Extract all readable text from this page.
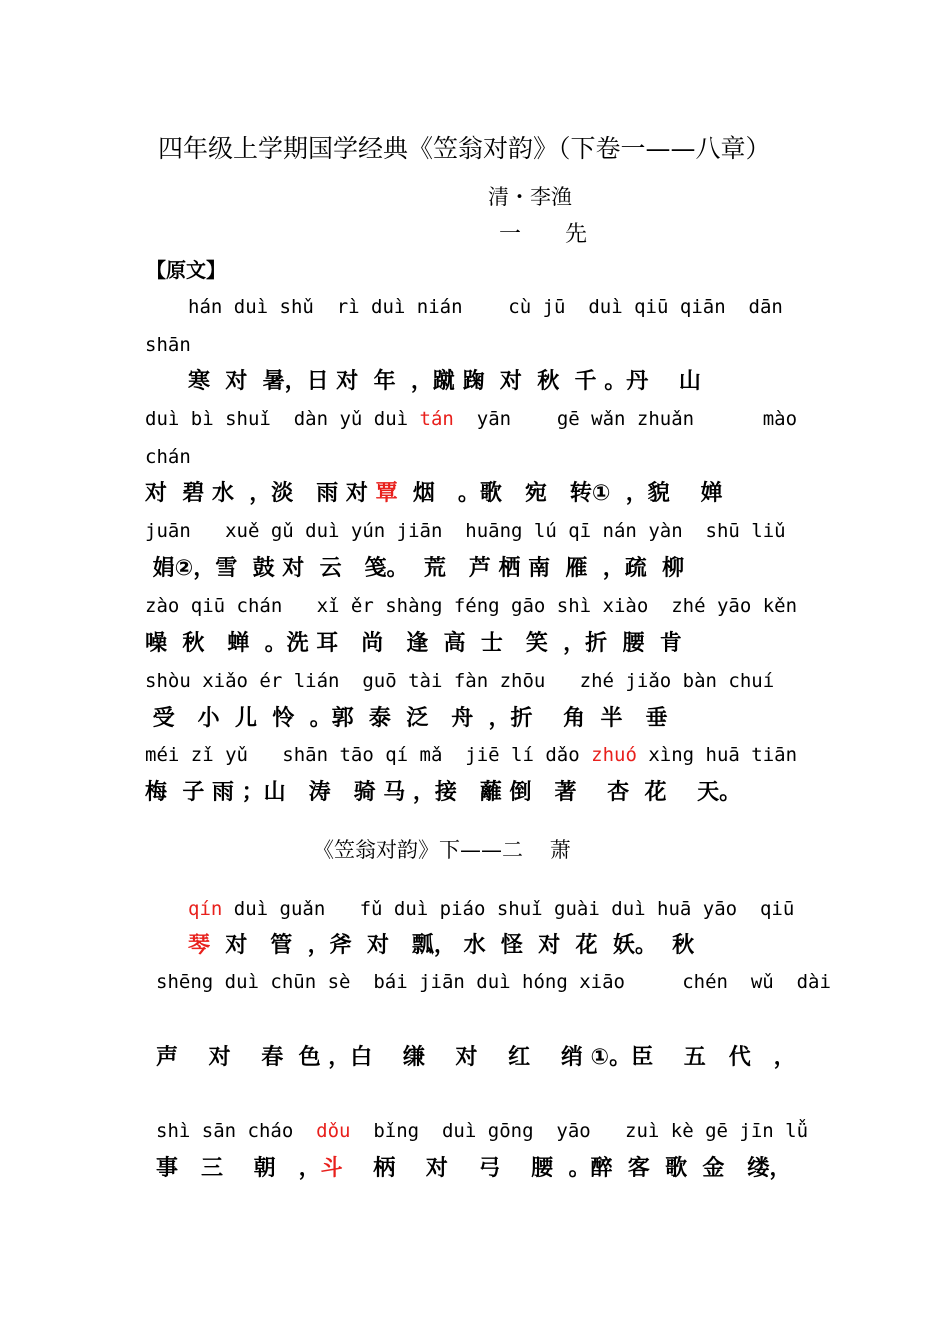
四年级上学期国学经典《笠翁对韵》（下卷一——八章）
清・李渔
一  先
【原文】
hán duì shǔ  rì duì nián    cù jū  duì qiū qiān  dān
shān
寒  对  暑，日 对  年  ，蹴 踘  对  秋  千 。丹    山
duì bì shuǐ  dàn yǔ duì tán  yān    gē wǎn zhuǎn      mào
chán
对  碧 水  ，淡   雨 对 覃  烟   。歌   宛   转①  ，貌    婵
juān   xuě gǔ duì yún jiān  huāng lú qī nán yàn  shū liǔ
娟②，雪  鼓 对  云   笺。  荒   芦 栖 南  雁  ，疏  柳
zào qiū chán   xǐ ěr shàng féng gāo shì xiào  zhé yāo kěn
噪  秋   蝉  。洗 耳   尚   逢  高  士   笑  ，折  腰  肯
shòu xiǎo ér lián  guō tài fàn zhōu   zhé jiǎo bàn chuí
受   小  儿  怜  。郭  泰  泛   舟  ，折    角  半   垂
méi zǐ yǔ   shān tāo qí mǎ  jiē lí dǎo zhuó xìng huā tiān
梅  子 雨 ；山   涛   骑 马 ，接   蘺 倒   著    杏  花    天。
《笠翁对韵》下——二    萧
qín duì guǎn   fǔ duì piáo shuǐ guài duì huā yāo  qiū
琴  对   管  ，斧  对   瓢， 水  怪  对  花  妖。  秋
shēng duì chūn sè  bái jiān duì hóng xiāo     chén  wǔ  dài
声    对    春  色 ，白    缣    对    红    绡 ①。臣    五   代   ，
shì sān cháo  dǒu  bǐng  duì gōng  yāo   zuì kè gē jīn lǚ
事   三    朝   ，斗    柄    对    弓    腰  。醉  客  歌  金   缕，
